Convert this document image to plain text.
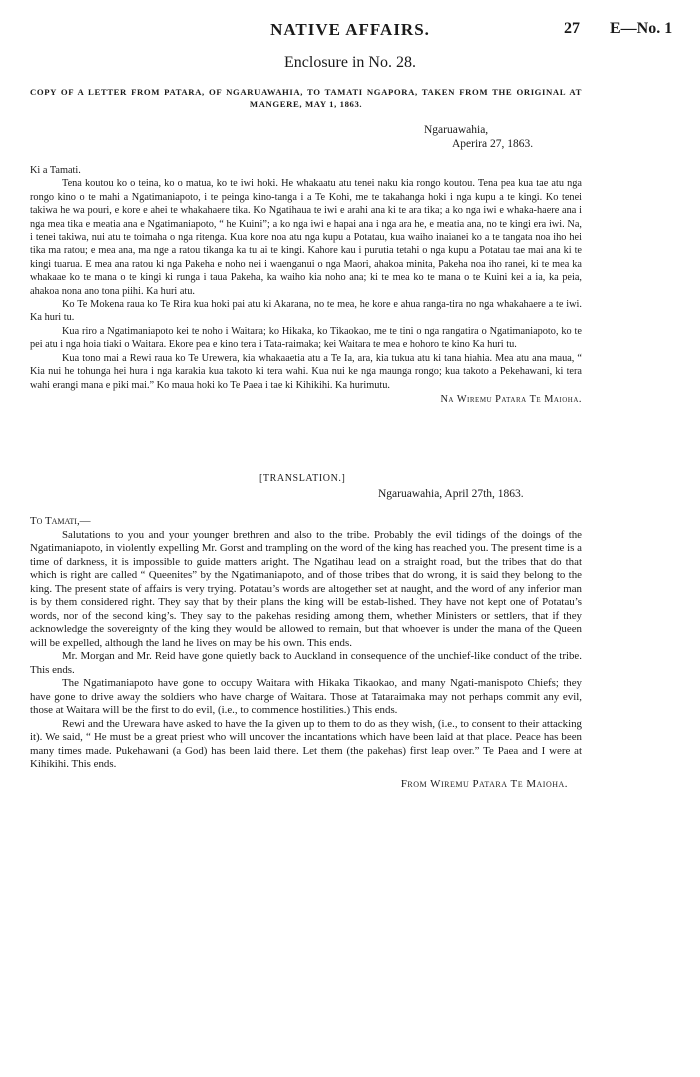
NATIVE AFFAIRS.	27 E—No. 1
Enclosure in No. 28.
COPY OF A LETTER FROM PATARA, OF NGARUAWAHIA, TO TAMATI NGAPORA, TAKEN FROM THE ORIGINAL AT MANGERE, MAY 1, 1863.
Ngaruawahia,
Aperira 27, 1863.

Ki a Tamati.

Tena koutou ko o teina, ko o matua, ko te iwi hoki. He whakaatu atu tenei naku kia rongo koutou. Tena pea kua tae atu nga rongo kino o te mahi a Ngatimaniapoto, i te peinga kino-tanga i a Te Kohi, me te takahanga hoki i nga kupu a te kingi. Ko tenei takiwa he wa pouri, e kore e ahei te whakahaere tika. Ko Ngatihaua te iwi e arahi ana ki te ara tika; a ko nga iwi e whaka-haere ana i nga mea tika e meatia ana e Ngatimaniapoto, “ he Kuini”; a ko nga iwi e hapai ana i nga ara he, e meatia ana, no te kingi era iwi. Na, i tenei takiwa, nui atu te toimaha o nga ritenga. Kua kore noa atu nga kupu a Potatau, kua waiho inaianei ko a te tangata noa iho hei tika ma ratou; e mea ana, ma nge a ratou tikanga ka tu ai te kingi. Kahore kau i purutia tetahi o nga kupu a Potatau tae mai ana ki te kingi tuarua. E mea ana ratou ki nga Pakeha e noho nei i waenganui o nga Maori, ahakoa minita, Pakeha noa iho ranei, ki te mea ka whakaae ko te mana o te kingi ki runga i taua Pakeha, ka waiho kia noho ana; ki te mea ko te mana o te Kuini kei a ia, ka peia, ahakoa nona ano tona piihi. Ka huri atu.

Ko Te Mokena raua ko Te Rira kua hoki pai atu ki Akarana, no te mea, he kore e ahua ranga-tira no nga whakahaere a te iwi. Ka huri tu.

Kua riro a Ngatimaniapoto kei te noho i Waitara; ko Hikaka, ko Tikaokao, me te tini o nga rangatira o Ngatimaniapoto, ko te pei atu i nga hoia tiaki o Waitara. Ekore pea e kino tera i Tata-raimaka; kei Waitara te mea e hohoro te kino Ka huri tu.

Kua tono mai a Rewi raua ko Te Urewera, kia whakaaetia atu a Te Ia, ara, kia tukua atu ki tana hiahia. Mea atu ana maua, “ Kia nui he tohunga hei hura i nga karakia kua takoto ki tera wahi. Kua nui ke nga maunga rongo; kua takoto a Pekehawani, ki tera wahi erangi mana e piki mai.” Ko maua hoki ko Te Paea i tae ki Kihikihi. Ka hurimutu.

Na Wiremu Patara Te Maioha.
[TRANSLATION.]
Ngaruawahia, April 27th, 1863.

To Tamati,—

Salutations to you and your younger brethren and also to the tribe. Probably the evil tidings of the doings of the Ngatimaniapoto, in violently expelling Mr. Gorst and trampling on the word of the king has reached you. The present time is a time of darkness, it is impossible to guide matters aright. The Ngatihau lead on a straight road, but the tribes that do that which is right are called “ Queenites” by the Ngatimaniapoto, and of those tribes that do wrong, it is said they belong to the king. The present state of affairs is very trying. Potatau’s words are altogether set at naught, and the word of any inferior man is by them considered right. They say that by their plans the king will be estab-lished. They have not kept one of Potatau’s words, nor of the second king’s. They say to the pakehas residing among them, whether Ministers or settlers, that if they acknowledge the sovereignty of the king they would be allowed to remain, but that whoever is under the mana of the Queen will be expelled, although the land he lives on may be his own. This ends.

Mr. Morgan and Mr. Reid have gone quietly back to Auckland in consequence of the unchief-like conduct of the tribe. This ends.

The Ngatimaniapoto have gone to occupy Waitara with Hikaka Tikaokao, and many Ngati-manispoto Chiefs; they have gone to drive away the soldiers who have charge of Waitara. Those at Tataraimaka may not perhaps commit any evil, those at Waitara will be the first to do evil, (i.e., to commence hostilities.) This ends.

Rewi and the Urewara have asked to have the Ia given up to them to do as they wish, (i.e., to consent to their attacking it). We said, “ He must be a great priest who will uncover the incantations which have been laid at that place. Peace has been many times made. Pukehawani (a God) has been laid there. Let them (the pakehas) first leap over.” Te Paea and I were at Kihikihi. This ends.

From Wiremu Patara Te Maioha.
